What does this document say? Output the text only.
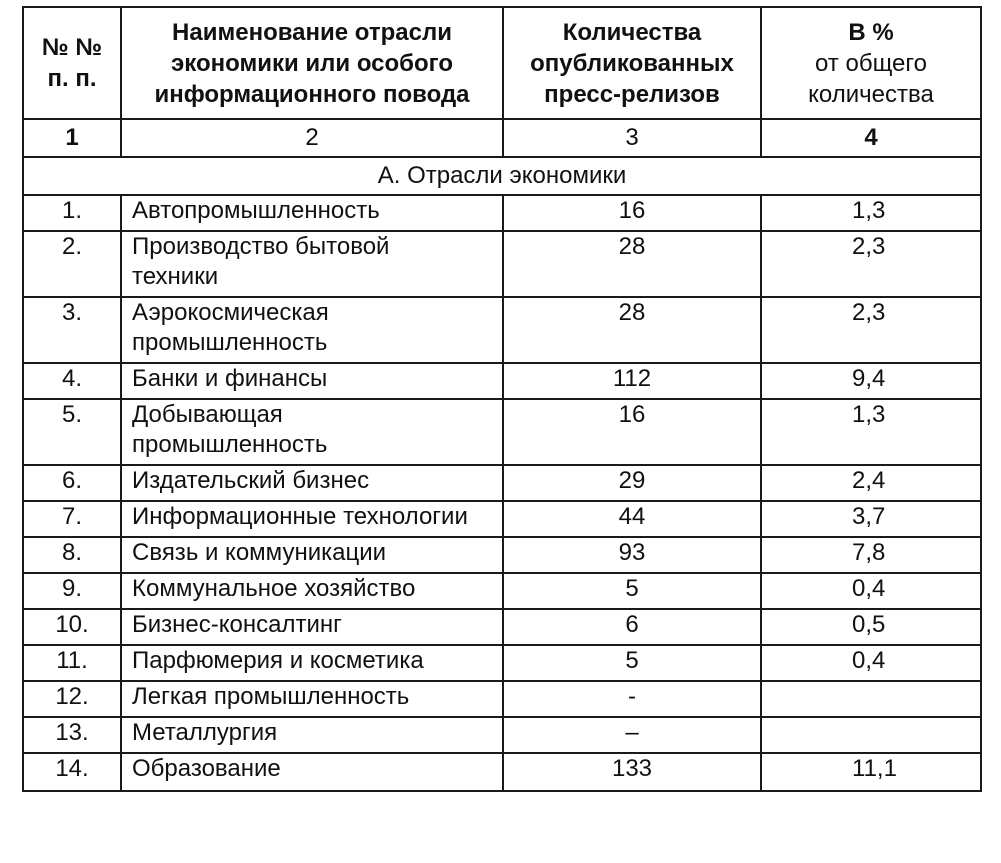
№ №
п. п.	Наименование отрасли
экономики или особого
информационного повода	Количества
опубликованных
пресс-релизов	В %
от общего
количества

1	2	3	4
А. Отрасли экономики			
1.	Автопромышленность	16	1,3
2.	Производство бытовой
техники	28	2,3
3.	Аэрокосмическая
промышленность	28	2,3
4.	Банки и финансы	112	9,4
5.	Добывающая
промышленность	16	1,3
6.	Издательский бизнес	29	2,4
7.	Информационные технологии	44	3,7
8.	Связь и коммуникации	93	7,8
9.	Коммунальное хозяйство	5	0,4
10.	Бизнес-консалтинг	6	0,5
11.	Парфюмерия и косметика	5	0,4
12.	Легкая промышленность	-	
13.	Металлургия	–	
14.	Образование	133	11,1
